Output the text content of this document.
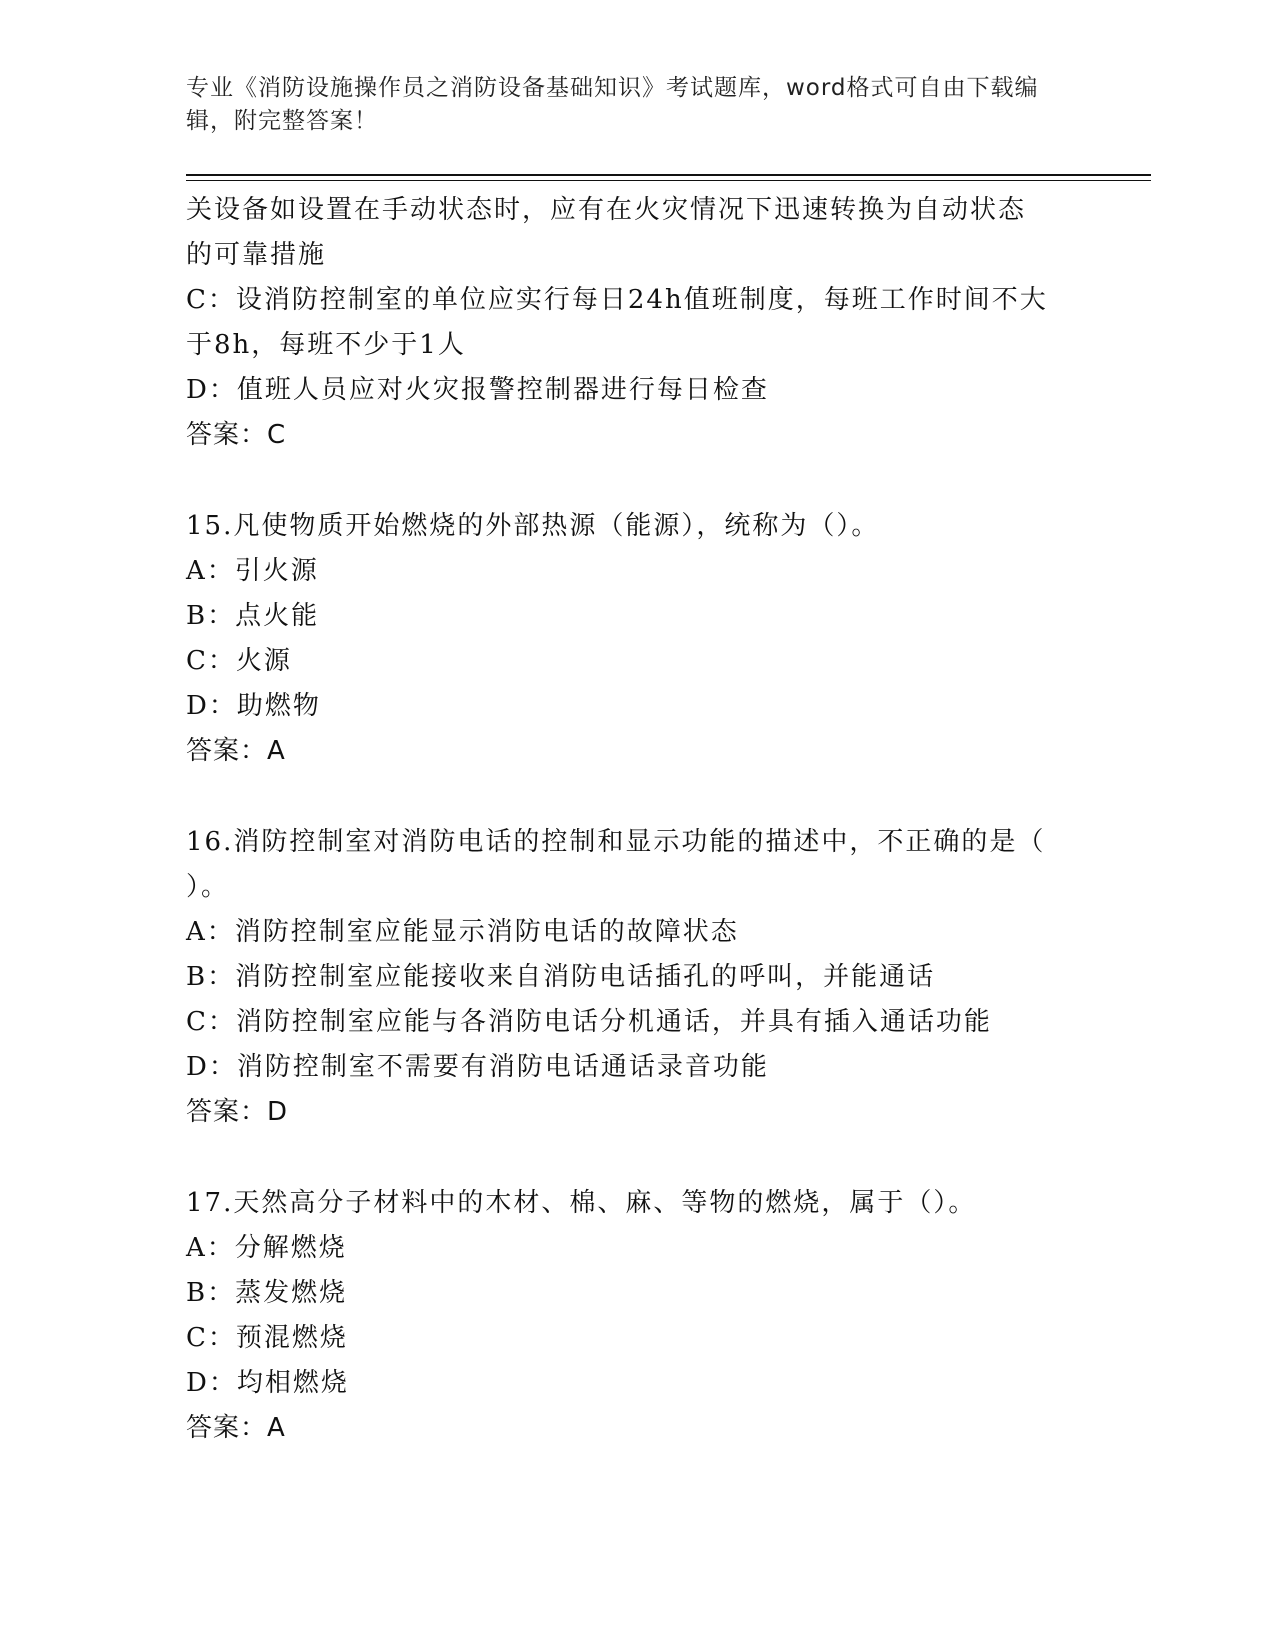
专业《消防设施操作员之消防设备基础知识》考试题库，word格式可自由下载编
辑，附完整答案！
关设备如设置在手动状态时，应有在火灾情况下迅速转换为自动状态
的可靠措施
C：设消防控制室的单位应实行每日24h值班制度，每班工作时间不大
于8h，每班不少于1人
D：值班人员应对火灾报警控制器进行每日检查
答案：C
15.凡使物质开始燃烧的外部热源（能源），统称为（）。
A：引火源
B：点火能
C：火源
D：助燃物
答案：A
16.消防控制室对消防电话的控制和显示功能的描述中，不正确的是（
）。
A：消防控制室应能显示消防电话的故障状态
B：消防控制室应能接收来自消防电话插孔的呼叫，并能通话
C：消防控制室应能与各消防电话分机通话，并具有插入通话功能
D：消防控制室不需要有消防电话通话录音功能
答案：D
17.天然高分子材料中的木材、棉、麻、等物的燃烧，属于（）。
A：分解燃烧
B：蒸发燃烧
C：预混燃烧
D：均相燃烧
答案：A
